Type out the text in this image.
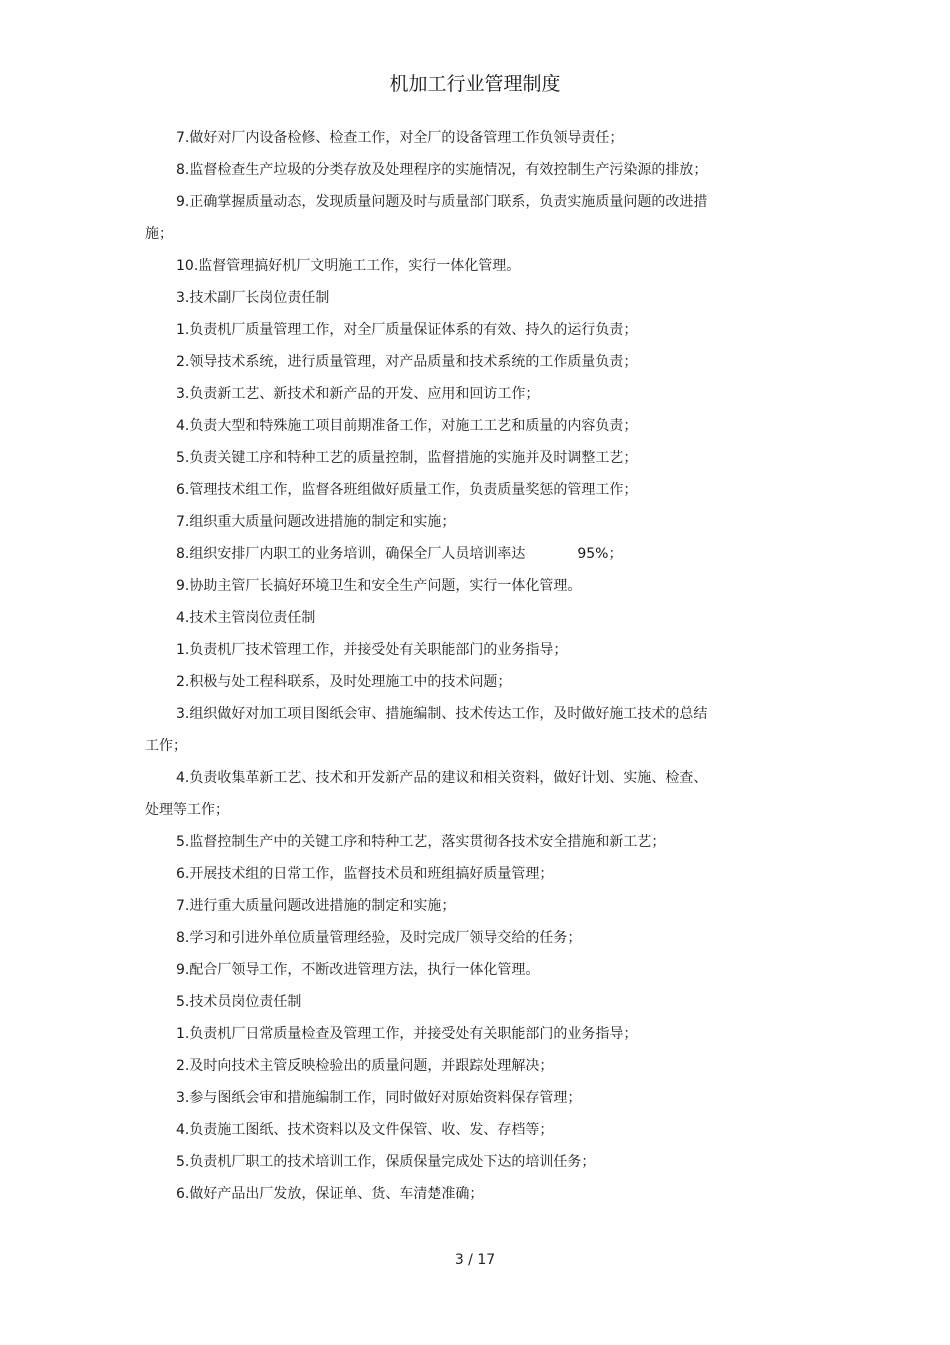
机加工行业管理制度
7.做好对厂内设备检修、检查工作，对全厂的设备管理工作负领导责任；
8.监督检查生产垃圾的分类存放及处理程序的实施情况，有效控制生产污染源的排放；
9.正确掌握质量动态，发现质量问题及时与质量部门联系，负责实施质量问题的改进措
施；
10.监督管理搞好机厂文明施工工作，实行一体化管理。
3.技术副厂长岗位责任制
1.负责机厂质量管理工作，对全厂质量保证体系的有效、持久的运行负责；
2.领导技术系统，进行质量管理，对产品质量和技术系统的工作质量负责；
3.负责新工艺、新技术和新产品的开发、应用和回访工作；
4.负责大型和特殊施工项目前期准备工作，对施工工艺和质量的内容负责；
5.负责关键工序和特种工艺的质量控制，监督措施的实施并及时调整工艺；
6.管理技术组工作，监督各班组做好质量工作，负责质量奖惩的管理工作；
7.组织重大质量问题改进措施的制定和实施；
8.组织安排厂内职工的业务培训，确保全厂人员培训率达	95%；
9.协助主管厂长搞好环境卫生和安全生产问题，实行一体化管理。
4.技术主管岗位责任制
1.负责机厂技术管理工作，并接受处有关职能部门的业务指导；
2.积极与处工程科联系，及时处理施工中的技术问题；
3.组织做好对加工项目图纸会审、措施编制、技术传达工作，及时做好施工技术的总结
工作；
4.负责收集革新工艺、技术和开发新产品的建议和相关资料，做好计划、实施、检查、
处理等工作；
5.监督控制生产中的关键工序和特种工艺，落实贯彻各技术安全措施和新工艺；
6.开展技术组的日常工作，监督技术员和班组搞好质量管理；
7.进行重大质量问题改进措施的制定和实施；
8.学习和引进外单位质量管理经验，及时完成厂领导交给的任务；
9.配合厂领导工作，不断改进管理方法，执行一体化管理。
5.技术员岗位责任制
1.负责机厂日常质量检查及管理工作，并接受处有关职能部门的业务指导；
2.及时向技术主管反映检验出的质量问题，并跟踪处理解决；
3.参与图纸会审和措施编制工作，同时做好对原始资料保存管理；
4.负责施工图纸、技术资料以及文件保管、收、发、存档等；
5.负责机厂职工的技术培训工作，保质保量完成处下达的培训任务；
6.做好产品出厂发放，保证单、货、车清楚准确；
3 / 17
